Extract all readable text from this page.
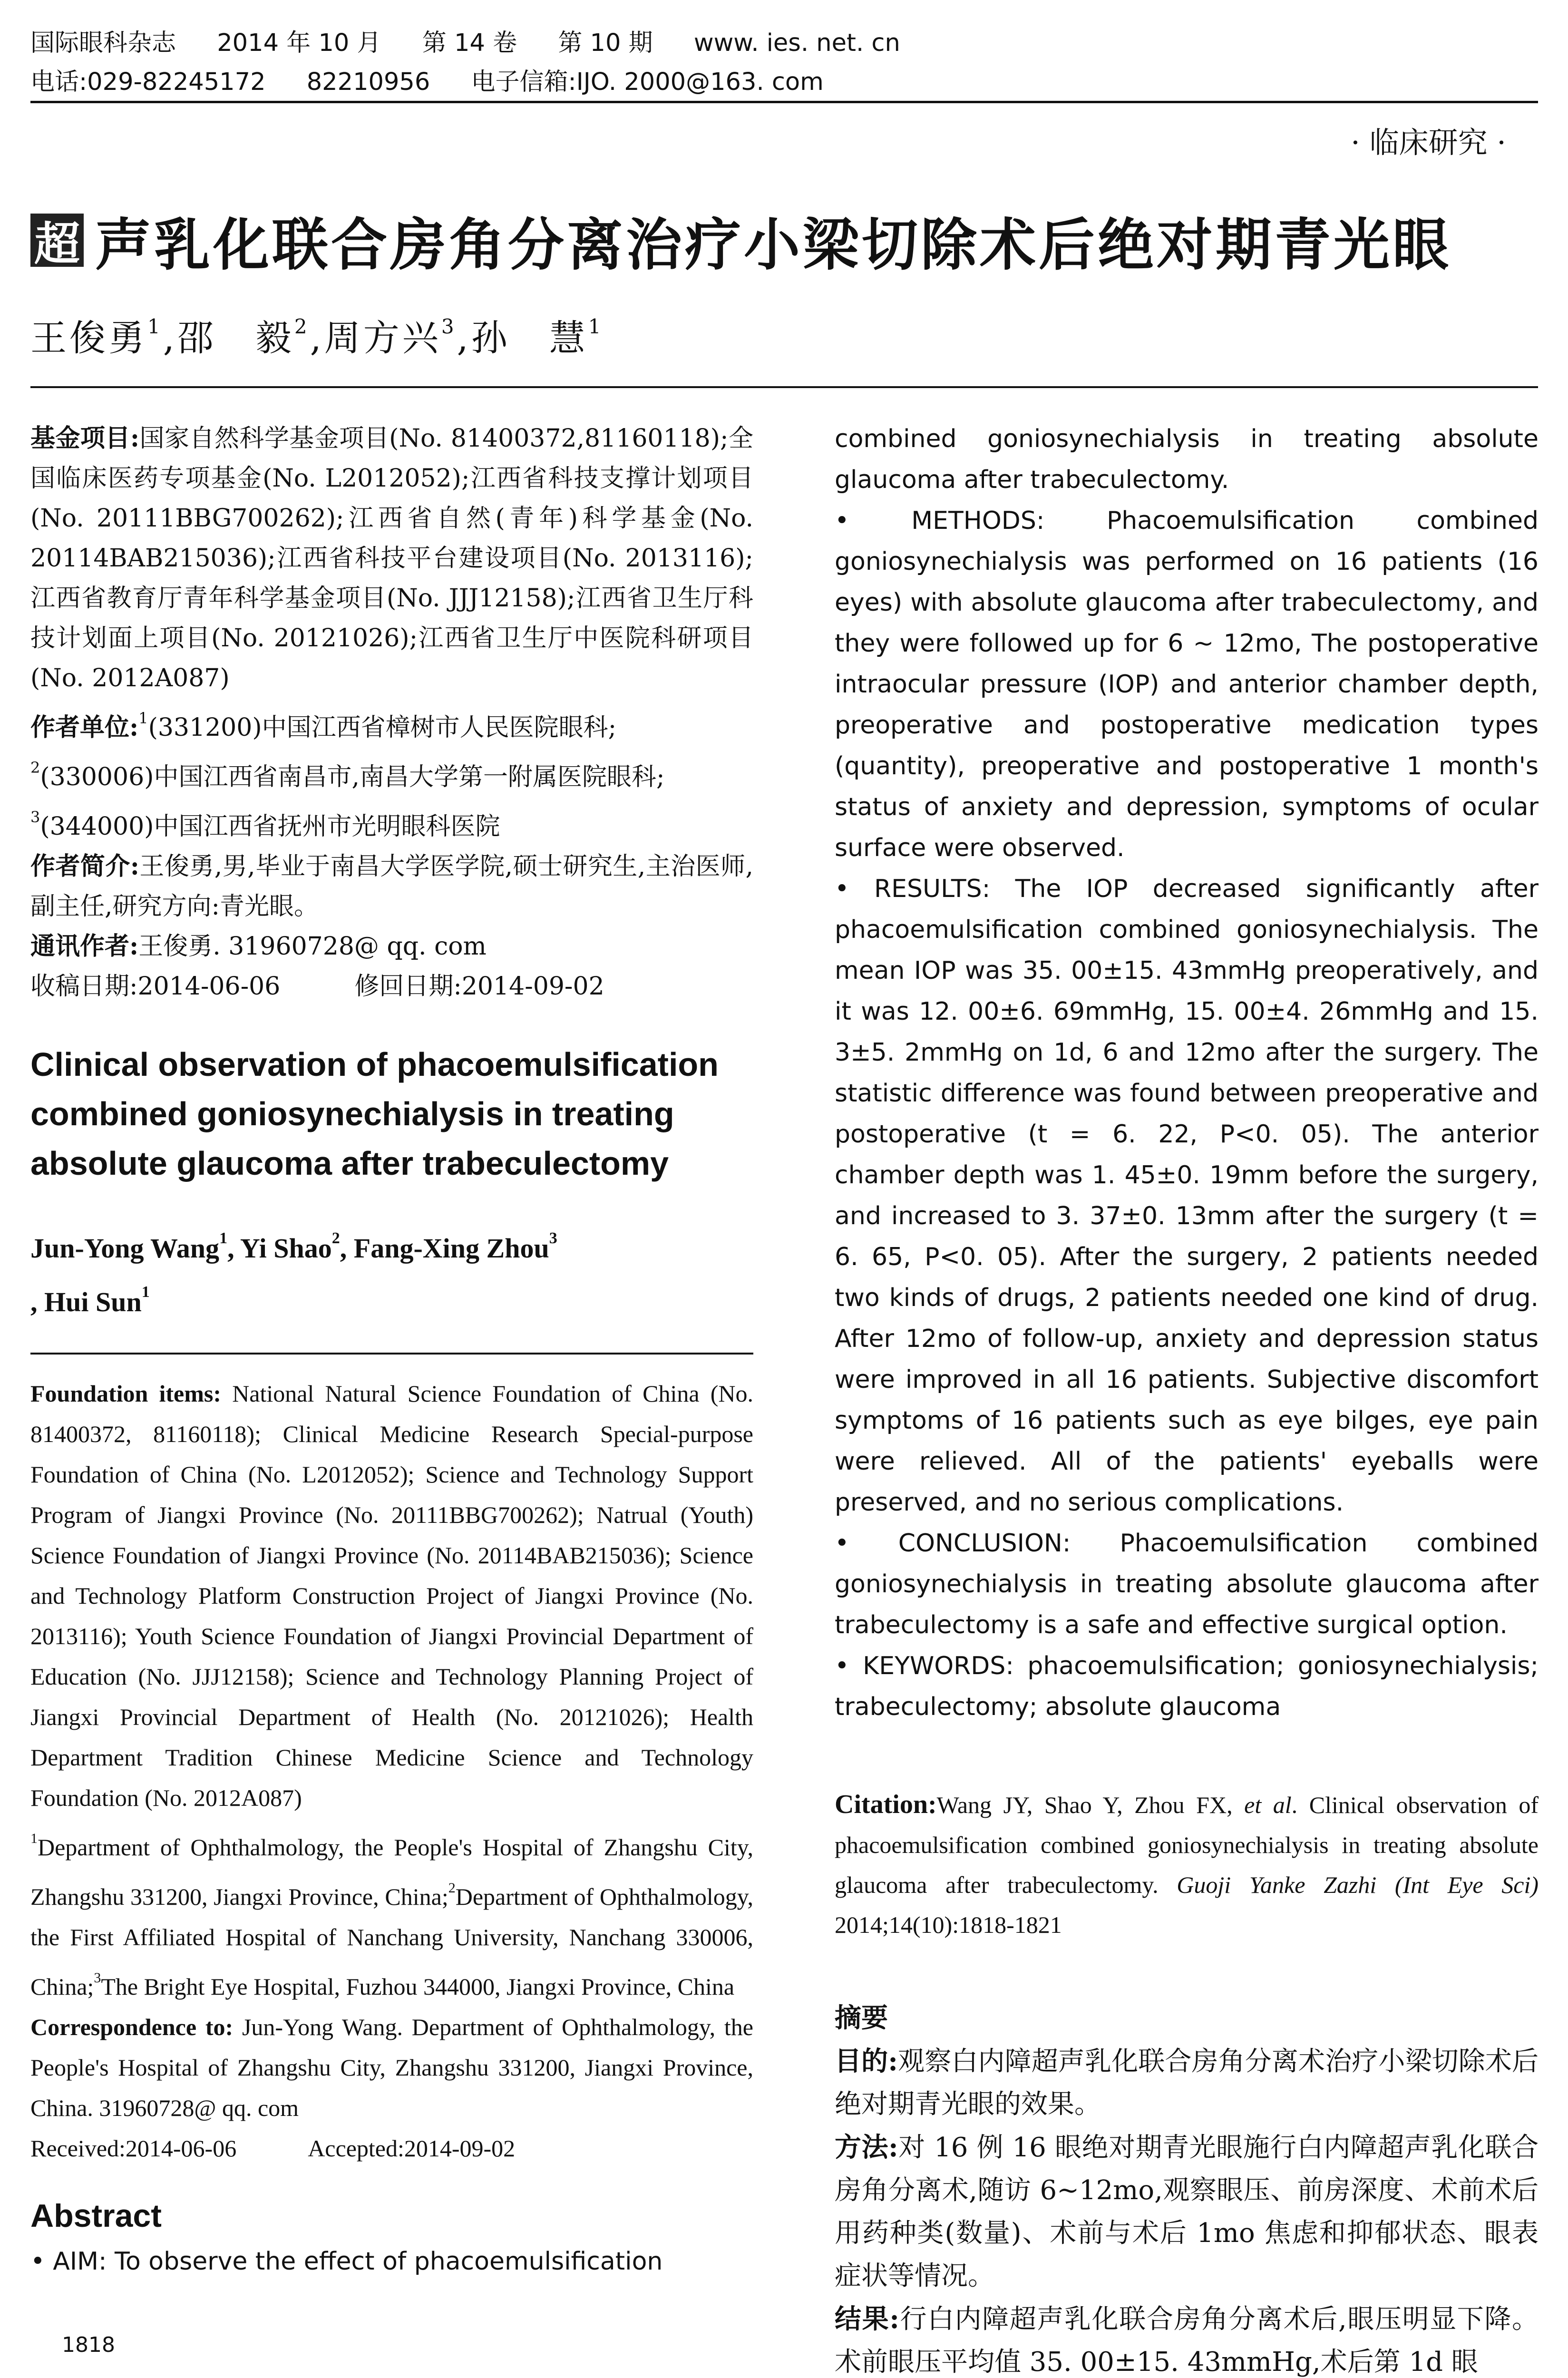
国际眼科杂志 2014 年 10 月 第 14 卷 第 10 期 www. ies. net. cn
电话:029-82245172 82210956 电子信箱:IJO. 2000@163. com
· 临床研究 ·
超 声乳化联合房角分离治疗小梁切除术后绝对期青光眼
王俊勇$^1$,邵　毅$^2$,周方兴$^3$,孙　慧$^1$

基金项目:国家自然科学基金项目(No. 81400372,81160118);全国临床医药专项基金(No. L2012052);江西省科技支撑计划项目(No. 20111BBG700262);江西省自然(青年)科学基金(No. 20114BAB215036);江西省科技平台建设项目(No. 2013116);江西省教育厅青年科学基金项目(No. JJJ12158);江西省卫生厅科技计划面上项目(No. 20121026);江西省卫生厅中医院科研项目(No. 2012A087)

作者单位:$^1$(331200)中国江西省樟树市人民医院眼科;
$^2$(330006)中国江西省南昌市,南昌大学第一附属医院眼科;
$^3$(344000)中国江西省抚州市光明眼科医院

作者简介:王俊勇,男,毕业于南昌大学医学院,硕士研究生,主治医师,副主任,研究方向:青光眼。

通讯作者:王俊勇. 31960728@ qq. com

收稿日期:2014-06-06　　　修回日期:2014-09-02

Clinical observation of phacoemulsification combined goniosynechialysis in treating absolute glaucoma after trabeculectomy
Jun-Yong Wang$^1$, Yi Shao$^2$, Fang-Xing Zhou$^3$
, Hui Sun$^1$

Foundation items: National Natural Science Foundation of China (No. 81400372, 81160118); Clinical Medicine Research Special-purpose Foundation of China (No. L2012052); Science and Technology Support Program of Jiangxi Province (No. 20111BBG700262); Natrual (Youth) Science Foundation of Jiangxi Province (No. 20114BAB215036); Science and Technology Platform Construction Project of Jiangxi Province (No. 2013116); Youth Science Foundation of Jiangxi Provincial Department of Education (No. JJJ12158); Science and Technology Planning Project of Jiangxi Provincial Department of Health (No. 20121026); Health Department Tradition Chinese Medicine Science and Technology Foundation (No. 2012A087)

$^1$Department of Ophthalmology, the People's Hospital of Zhangshu City, Zhangshu 331200, Jiangxi Province, China;$^2$Department of Ophthalmology, the First Affiliated Hospital of Nanchang University, Nanchang 330006, China;$^3$The Bright Eye Hospital, Fuzhou 344000, Jiangxi Province, China

Correspondence to: Jun-Yong Wang. Department of Ophthalmology, the People's Hospital of Zhangshu City, Zhangshu 331200, Jiangxi Province, China. 31960728@ qq. com

Received:2014-06-06　　　Accepted:2014-09-02

Abstract

• AIM: To observe the effect of phacoemulsification

combined goniosynechialysis in treating absolute glaucoma after trabeculectomy.

• METHODS:	Phacoemulsification combined goniosynechialysis was performed on 16 patients (16 eyes) with absolute glaucoma after trabeculectomy, and they were followed up for 6 ~ 12mo, The postoperative intraocular pressure (IOP) and anterior chamber depth, preoperative and postoperative medication types (quantity), preoperative and postoperative 1 month's status of anxiety and depression, symptoms of ocular surface were observed.

• RESULTS: The IOP decreased significantly after phacoemulsification combined goniosynechialysis. The mean IOP was 35. 00±15. 43mmHg preoperatively, and it was 12. 00±6. 69mmHg, 15. 00±4. 26mmHg and 15. 3±5. 2mmHg on 1d, 6 and 12mo after the surgery. The statistic difference was found between preoperative and postoperative (t = 6. 22, P<0. 05). The anterior chamber depth was 1. 45±0. 19mm before the surgery, and increased to 3. 37±0. 13mm after the surgery (t = 6. 65, P<0. 05). After the surgery, 2 patients needed two kinds of drugs, 2 patients needed one kind of drug. After 12mo of follow-up, anxiety and depression status were improved in all 16 patients. Subjective discomfort symptoms of 16 patients such as eye bilges, eye pain were relieved. All of the patients' eyeballs were preserved, and no serious complications.

• CONCLUSION: Phacoemulsification combined goniosynechialysis in treating absolute glaucoma after trabeculectomy is a safe and effective surgical option.

• KEYWORDS: phacoemulsification; goniosynechialysis; trabeculectomy; absolute glaucoma

Citation:Wang JY, Shao Y, Zhou FX, et al. Clinical observation of phacoemulsification combined goniosynechialysis in treating absolute glaucoma after trabeculectomy. Guoji Yanke Zazhi (Int Eye Sci) 2014;14(10):1818-1821

摘要

目的:观察白内障超声乳化联合房角分离术治疗小梁切除术后绝对期青光眼的效果。

方法:对 16 例 16 眼绝对期青光眼施行白内障超声乳化联合房角分离术,随访 6~12mo,观察眼压、前房深度、术前术后用药种类(数量)、术前与术后 1mo 焦虑和抑郁状态、眼表症状等情况。

结果:行白内障超声乳化联合房角分离术后,眼压明显下降。术前眼压平均值 35. 00±15. 43mmHg,术后第 1d 眼

1818
